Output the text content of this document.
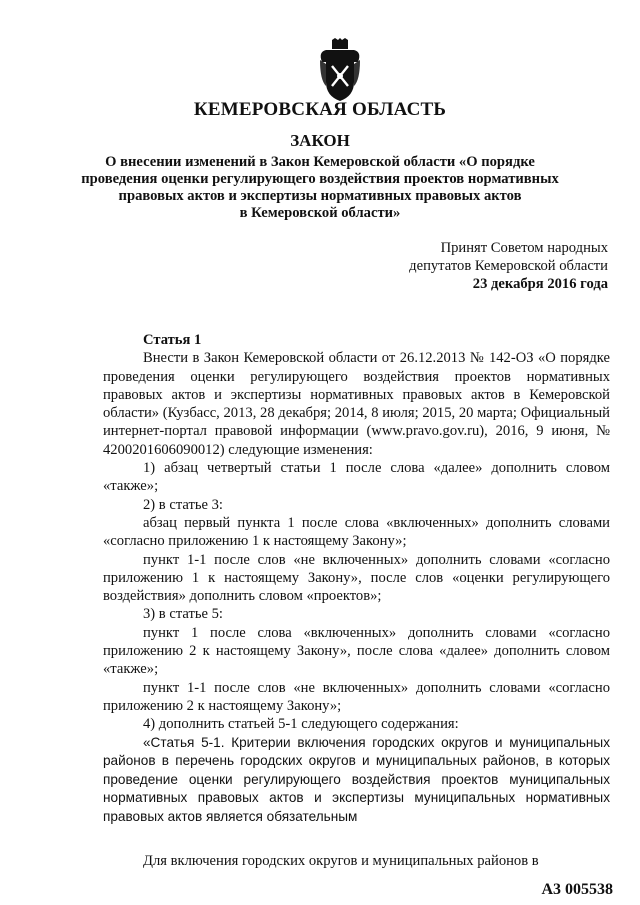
КЕМЕРОВСКАЯ ОБЛАСТЬ
ЗАКОН
О внесении изменений в Закон Кемеровской области «О порядке
проведения оценки регулирующего воздействия проектов нормативных
правовых актов и экспертизы нормативных правовых актов
в Кемеровской области»
Принят Советом народных
депутатов Кемеровской области
23 декабря 2016 года

Статья 1

Внести в Закон Кемеровской области от 26.12.2013 № 142-ОЗ «О порядке проведения оценки регулирующего воздействия проектов нормативных правовых актов и экспертизы нормативных правовых актов в Кемеровской области» (Кузбасс, 2013, 28 декабря; 2014, 8 июля; 2015, 20 марта; Официальный интернет-портал правовой информации (www.pravo.gov.ru), 2016, 9 июня, № 4200201606090012) следующие изменения:

1) абзац четвертый статьи 1 после слова «далее» дополнить словом «также»;

2) в статье 3:

абзац первый пункта 1 после слова «включенных» дополнить словами «согласно приложению 1 к настоящему Закону»;

пункт 1-1 после слов «не включенных» дополнить словами «согласно приложению 1 к настоящему Закону», после слов «оценки регулирующего воздействия» дополнить словом «проектов»;

3) в статье 5:

пункт 1 после слова «включенных» дополнить словами «согласно приложению 2 к настоящему Закону», после слова «далее» дополнить словом «также»;

пункт 1-1 после слов «не включенных» дополнить словами «согласно приложению 2 к настоящему Закону»;

4) дополнить статьей 5-1 следующего содержания:

«Статья 5-1. Критерии включения городских округов и муниципальных районов в перечень городских округов и муниципальных районов, в которых проведение оценки регулирующего воздействия проектов муниципальных нормативных правовых актов и экспертизы муниципальных нормативных правовых актов является обязательным

Для включения городских округов и муниципальных районов в

А3 005538
